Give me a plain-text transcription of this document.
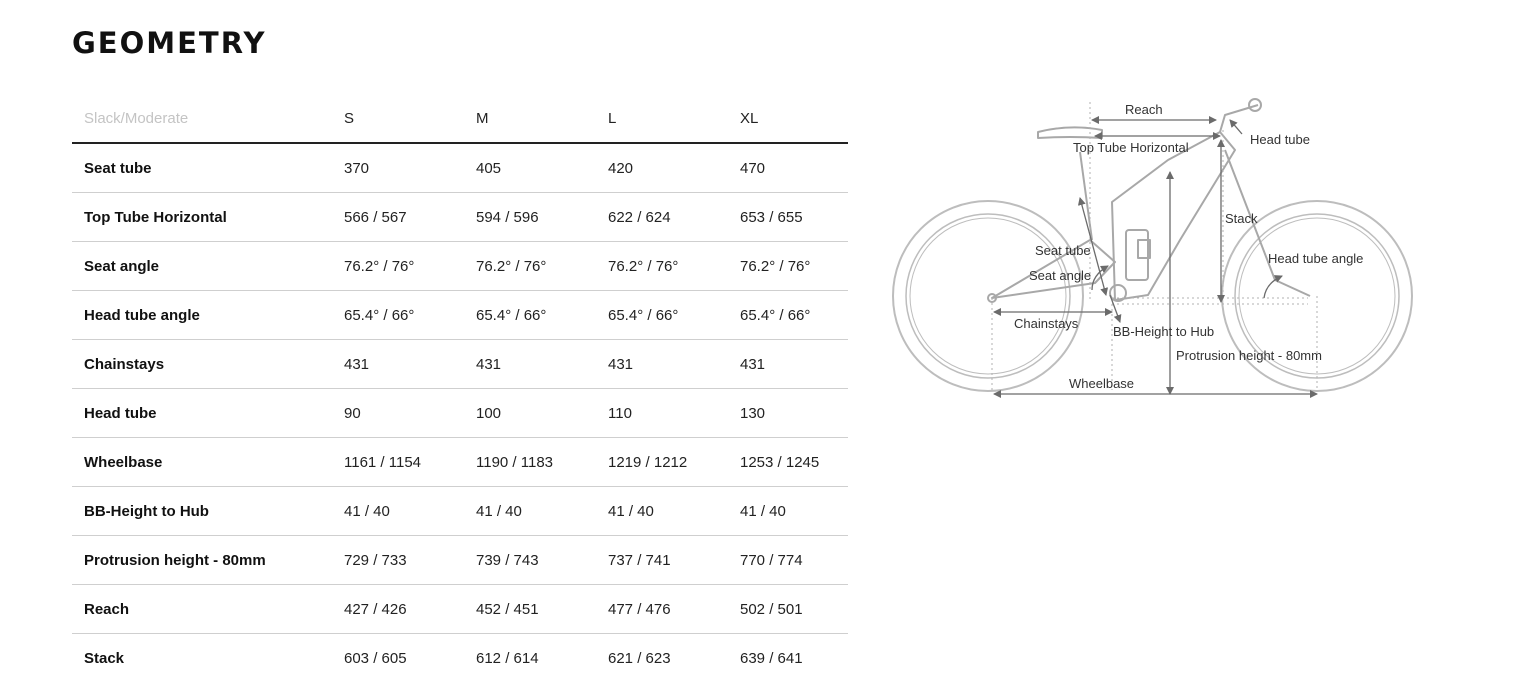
GEOMETRY
Slack/Moderate	S	M	L	XL
Seat tube	370	405	420	470
Top Tube Horizontal	566 / 567	594 / 596	622 / 624	653 / 655
Seat angle	76.2° / 76°	76.2° / 76°	76.2° / 76°	76.2° / 76°
Head tube angle	65.4° / 66°	65.4° / 66°	65.4° / 66°	65.4° / 66°
Chainstays	431	431	431	431
Head tube	90	100	110	130
Wheelbase	1161 / 1154	1190 / 1183	1219 / 1212	1253 / 1245
BB-Height to Hub	41 / 40	41 / 40	41 / 40	41 / 40
Protrusion height - 80mm	729 / 733	739 / 743	737 / 741	770 / 774
Reach	427 / 426	452 / 451	477 / 476	502 / 501
Stack	603 / 605	612 / 614	621 / 623	639 / 641
Reach
Top Tube Horizontal
Head tube
Stack
Seat tube
Seat angle
Head tube angle
Chainstays
BB-Height to Hub
Protrusion height - 80mm
Wheelbase
